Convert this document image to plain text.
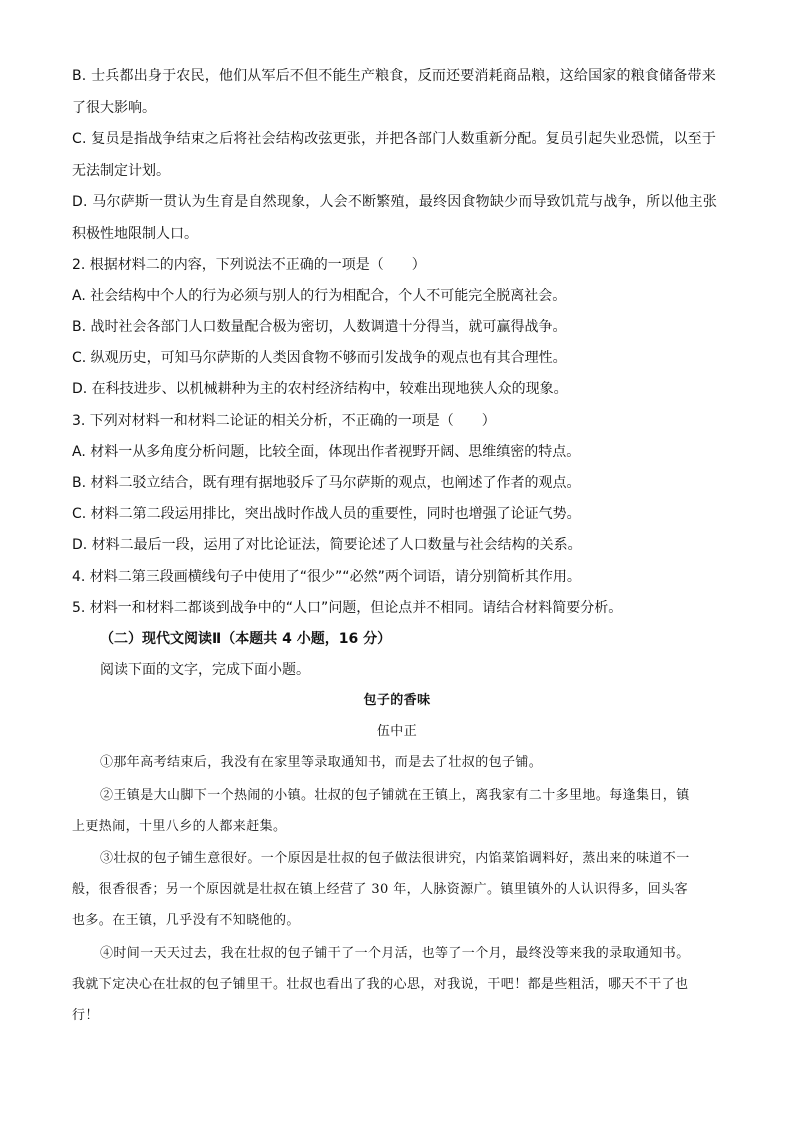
B. 士兵都出身于农民，他们从军后不但不能生产粮食，反而还要消耗商品粮，这给国家的粮食储备带来
了很大影响。
C. 复员是指战争结束之后将社会结构改弦更张，并把各部门人数重新分配。复员引起失业恐慌，以至于
无法制定计划。
D. 马尔萨斯一贯认为生育是自然现象，人会不断繁殖，最终因食物缺少而导致饥荒与战争，所以他主张
积极性地限制人口。
2. 根据材料二的内容，下列说法不正确的一项是（　　）
A. 社会结构中个人的行为必须与别人的行为相配合，个人不可能完全脱离社会。
B. 战时社会各部门人口数量配合极为密切，人数调遣十分得当，就可赢得战争。
C. 纵观历史，可知马尔萨斯的人类因食物不够而引发战争的观点也有其合理性。
D. 在科技进步、以机械耕种为主的农村经济结构中，较难出现地狭人众的现象。
3. 下列对材料一和材料二论证的相关分析，不正确的一项是（　　）
A. 材料一从多角度分析问题，比较全面，体现出作者视野开阔、思维缜密的特点。
B. 材料二驳立结合，既有理有据地驳斥了马尔萨斯的观点，也阐述了作者的观点。
C. 材料二第二段运用排比，突出战时作战人员的重要性，同时也增强了论证气势。
D. 材料二最后一段，运用了对比论证法，简要论述了人口数量与社会结构的关系。
4. 材料二第三段画横线句子中使用了“很少”“必然”两个词语，请分别简析其作用。
5. 材料一和材料二都谈到战争中的“人口”问题，但论点并不相同。请结合材料简要分析。
（二）现代文阅读Ⅱ（本题共 4 小题，16 分）
阅读下面的文字，完成下面小题。
包子的香味
伍中正
①那年高考结束后，我没有在家里等录取通知书，而是去了壮叔的包子铺。
②王镇是大山脚下一个热闹的小镇。壮叔的包子铺就在王镇上，离我家有二十多里地。每逢集日，镇
上更热闹，十里八乡的人都来赶集。
③壮叔的包子铺生意很好。一个原因是壮叔的包子做法很讲究，内馅菜馅调料好，蒸出来的味道不一
般，很香很香；另一个原因就是壮叔在镇上经营了 30 年，人脉资源广。镇里镇外的人认识得多，回头客
也多。在王镇，几乎没有不知晓他的。
④时间一天天过去，我在壮叔的包子铺干了一个月活，也等了一个月，最终没等来我的录取通知书。
我就下定决心在壮叔的包子铺里干。壮叔也看出了我的心思，对我说，干吧！都是些粗活，哪天不干了也
行！
